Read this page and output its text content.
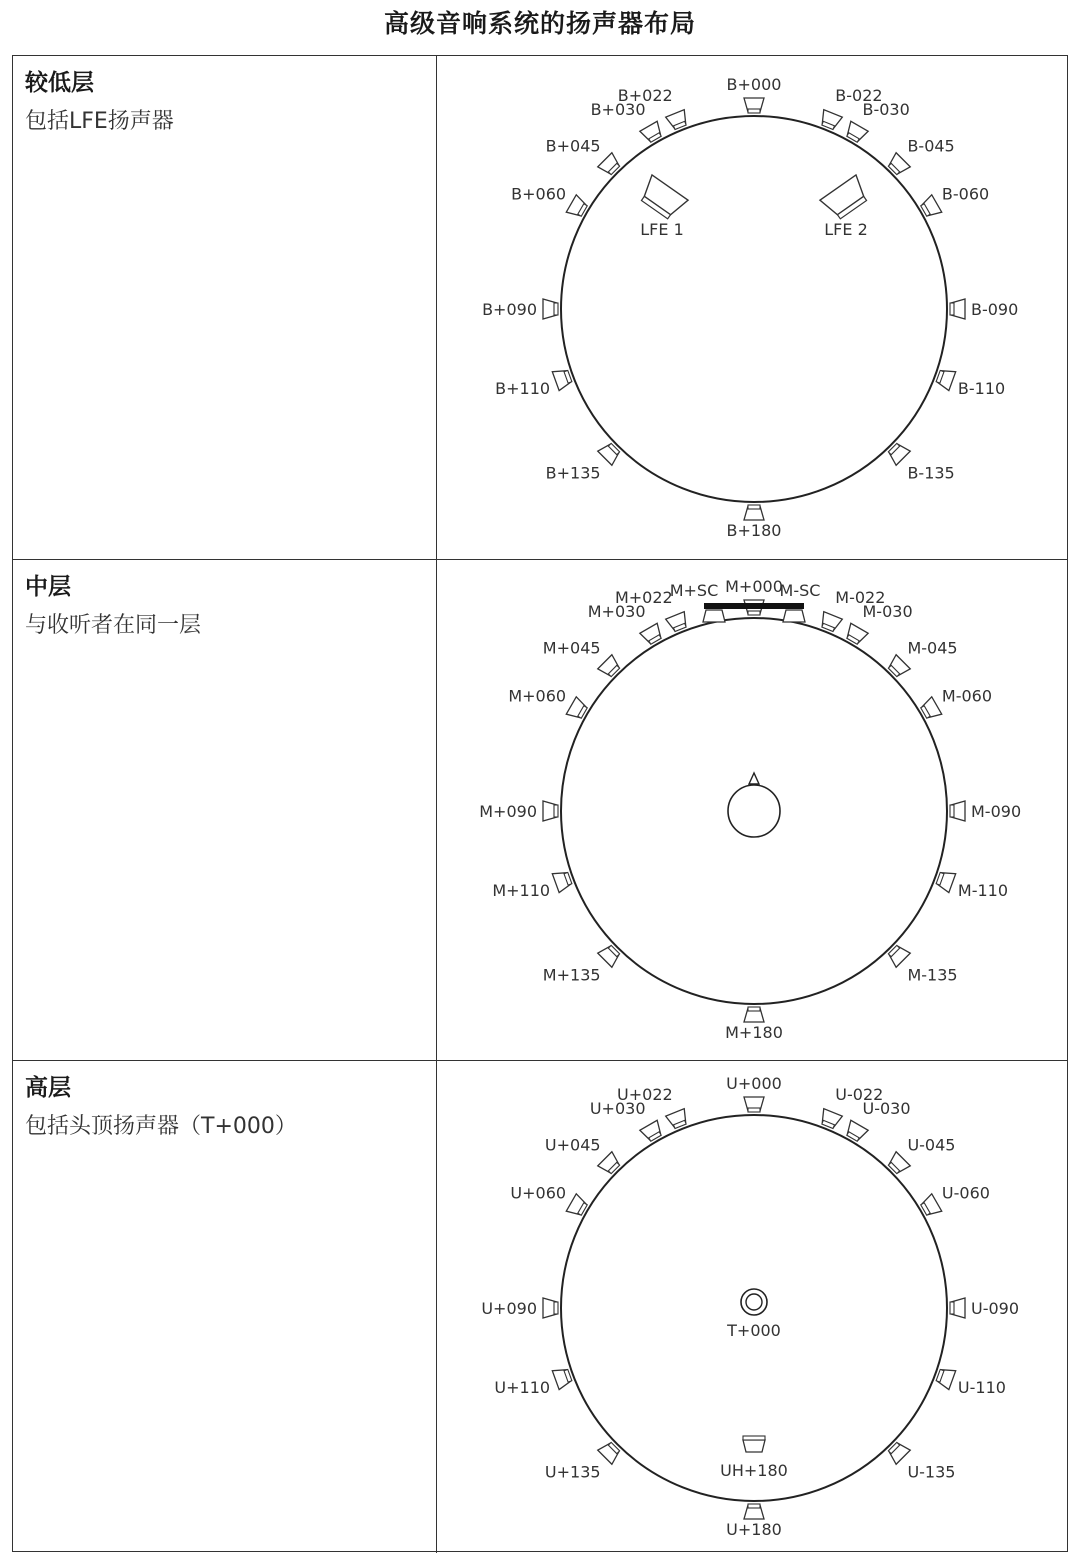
高级音响系统的扬声器布局
较低层
包括LFE扬声器
B+000
B+022
B+030
B+045
B+060
B+090
B+110
B+135
B+180
B-022
B-030
B-045
B-060
B-090
B-110
B-135
LFE 1	LFE 2
中层
与收听者在同一层
M+000
M+022
M+030
M+045
M+060
M+090
M+110
M+135
M+180
M-022
M-030
M-045
M-060
M-090
M-110
M-135
M+SC	M-SC
高层
包括头顶扬声器（T+000）
U+000
U+022
U+030
U+045
U+060
U+090
U+110
U+135
U+180
U-022
U-030
U-045
U-060
U-090
U-110
U-135
T+000
UH+180
